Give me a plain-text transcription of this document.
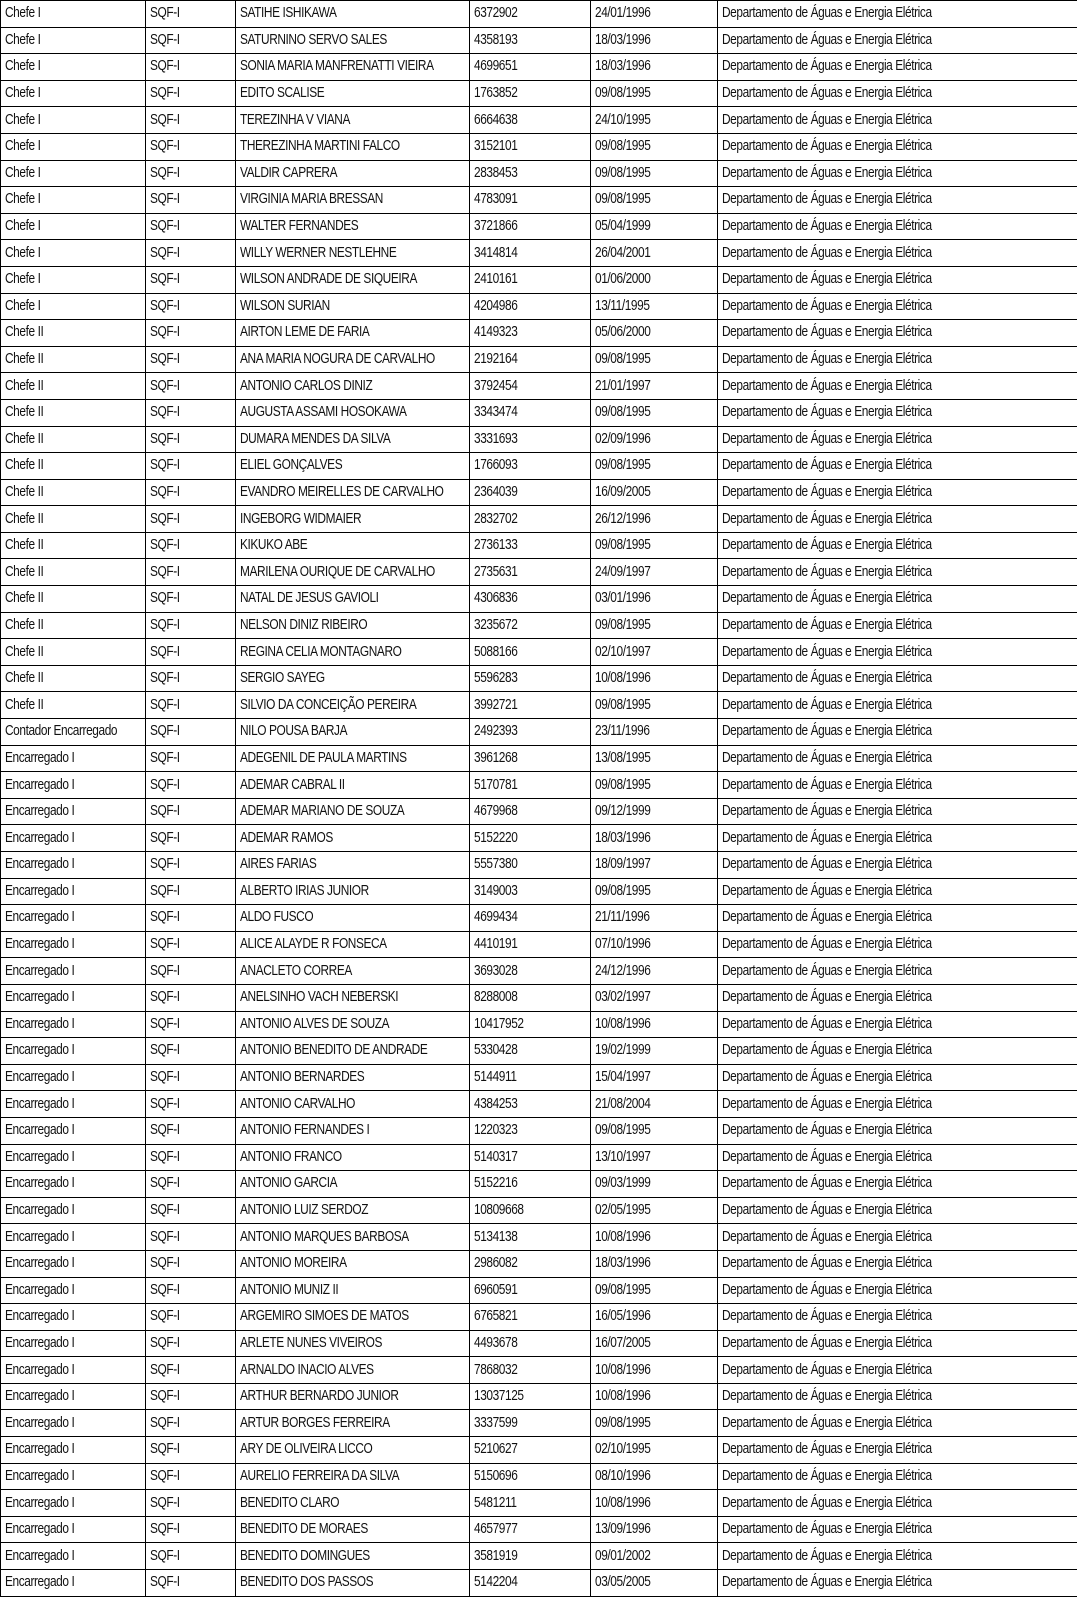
Chefe I	SQF-I	SATIHE ISHIKAWA	6372902	24/01/1996	Departamento de Águas e Energia Elétrica
Chefe I	SQF-I	SATURNINO SERVO SALES	4358193	18/03/1996	Departamento de Águas e Energia Elétrica
Chefe I	SQF-I	SONIA MARIA MANFRENATTI VIEIRA	4699651	18/03/1996	Departamento de Águas e Energia Elétrica
Chefe I	SQF-I	EDITO SCALISE	1763852	09/08/1995	Departamento de Águas e Energia Elétrica
Chefe I	SQF-I	TEREZINHA V VIANA	6664638	24/10/1995	Departamento de Águas e Energia Elétrica
Chefe I	SQF-I	THEREZINHA MARTINI FALCO	3152101	09/08/1995	Departamento de Águas e Energia Elétrica
Chefe I	SQF-I	VALDIR CAPRERA	2838453	09/08/1995	Departamento de Águas e Energia Elétrica
Chefe I	SQF-I	VIRGINIA MARIA BRESSAN	4783091	09/08/1995	Departamento de Águas e Energia Elétrica
Chefe I	SQF-I	WALTER FERNANDES	3721866	05/04/1999	Departamento de Águas e Energia Elétrica
Chefe I	SQF-I	WILLY WERNER NESTLEHNE	3414814	26/04/2001	Departamento de Águas e Energia Elétrica
Chefe I	SQF-I	WILSON ANDRADE DE SIQUEIRA	2410161	01/06/2000	Departamento de Águas e Energia Elétrica
Chefe I	SQF-I	WILSON SURIAN	4204986	13/11/1995	Departamento de Águas e Energia Elétrica
Chefe II	SQF-I	AIRTON LEME DE FARIA	4149323	05/06/2000	Departamento de Águas e Energia Elétrica
Chefe II	SQF-I	ANA MARIA NOGURA DE CARVALHO	2192164	09/08/1995	Departamento de Águas e Energia Elétrica
Chefe II	SQF-I	ANTONIO CARLOS DINIZ	3792454	21/01/1997	Departamento de Águas e Energia Elétrica
Chefe II	SQF-I	AUGUSTA ASSAMI HOSOKAWA	3343474	09/08/1995	Departamento de Águas e Energia Elétrica
Chefe II	SQF-I	DUMARA MENDES DA SILVA	3331693	02/09/1996	Departamento de Águas e Energia Elétrica
Chefe II	SQF-I	ELIEL GONÇALVES	1766093	09/08/1995	Departamento de Águas e Energia Elétrica
Chefe II	SQF-I	EVANDRO MEIRELLES DE CARVALHO	2364039	16/09/2005	Departamento de Águas e Energia Elétrica
Chefe II	SQF-I	INGEBORG WIDMAIER	2832702	26/12/1996	Departamento de Águas e Energia Elétrica
Chefe II	SQF-I	KIKUKO ABE	2736133	09/08/1995	Departamento de Águas e Energia Elétrica
Chefe II	SQF-I	MARILENA OURIQUE DE CARVALHO	2735631	24/09/1997	Departamento de Águas e Energia Elétrica
Chefe II	SQF-I	NATAL DE JESUS GAVIOLI	4306836	03/01/1996	Departamento de Águas e Energia Elétrica
Chefe II	SQF-I	NELSON DINIZ RIBEIRO	3235672	09/08/1995	Departamento de Águas e Energia Elétrica
Chefe II	SQF-I	REGINA CELIA MONTAGNARO	5088166	02/10/1997	Departamento de Águas e Energia Elétrica
Chefe II	SQF-I	SERGIO SAYEG	5596283	10/08/1996	Departamento de Águas e Energia Elétrica
Chefe II	SQF-I	SILVIO DA CONCEIÇÃO PEREIRA	3992721	09/08/1995	Departamento de Águas e Energia Elétrica
Contador Encarregado	SQF-I	NILO POUSA BARJA	2492393	23/11/1996	Departamento de Águas e Energia Elétrica
Encarregado I	SQF-I	ADEGENIL DE PAULA MARTINS	3961268	13/08/1995	Departamento de Águas e Energia Elétrica
Encarregado I	SQF-I	ADEMAR CABRAL II	5170781	09/08/1995	Departamento de Águas e Energia Elétrica
Encarregado I	SQF-I	ADEMAR MARIANO DE SOUZA	4679968	09/12/1999	Departamento de Águas e Energia Elétrica
Encarregado I	SQF-I	ADEMAR RAMOS	5152220	18/03/1996	Departamento de Águas e Energia Elétrica
Encarregado I	SQF-I	AIRES FARIAS	5557380	18/09/1997	Departamento de Águas e Energia Elétrica
Encarregado I	SQF-I	ALBERTO IRIAS JUNIOR	3149003	09/08/1995	Departamento de Águas e Energia Elétrica
Encarregado I	SQF-I	ALDO FUSCO	4699434	21/11/1996	Departamento de Águas e Energia Elétrica
Encarregado I	SQF-I	ALICE ALAYDE R FONSECA	4410191	07/10/1996	Departamento de Águas e Energia Elétrica
Encarregado I	SQF-I	ANACLETO CORREA	3693028	24/12/1996	Departamento de Águas e Energia Elétrica
Encarregado I	SQF-I	ANELSINHO VACH NEBERSKI	8288008	03/02/1997	Departamento de Águas e Energia Elétrica
Encarregado I	SQF-I	ANTONIO ALVES DE SOUZA	10417952	10/08/1996	Departamento de Águas e Energia Elétrica
Encarregado I	SQF-I	ANTONIO BENEDITO DE ANDRADE	5330428	19/02/1999	Departamento de Águas e Energia Elétrica
Encarregado I	SQF-I	ANTONIO BERNARDES	5144911	15/04/1997	Departamento de Águas e Energia Elétrica
Encarregado I	SQF-I	ANTONIO CARVALHO	4384253	21/08/2004	Departamento de Águas e Energia Elétrica
Encarregado I	SQF-I	ANTONIO FERNANDES I	1220323	09/08/1995	Departamento de Águas e Energia Elétrica
Encarregado I	SQF-I	ANTONIO FRANCO	5140317	13/10/1997	Departamento de Águas e Energia Elétrica
Encarregado I	SQF-I	ANTONIO GARCIA	5152216	09/03/1999	Departamento de Águas e Energia Elétrica
Encarregado I	SQF-I	ANTONIO LUIZ SERDOZ	10809668	02/05/1995	Departamento de Águas e Energia Elétrica
Encarregado I	SQF-I	ANTONIO MARQUES BARBOSA	5134138	10/08/1996	Departamento de Águas e Energia Elétrica
Encarregado I	SQF-I	ANTONIO MOREIRA	2986082	18/03/1996	Departamento de Águas e Energia Elétrica
Encarregado I	SQF-I	ANTONIO MUNIZ II	6960591	09/08/1995	Departamento de Águas e Energia Elétrica
Encarregado I	SQF-I	ARGEMIRO SIMOES DE MATOS	6765821	16/05/1996	Departamento de Águas e Energia Elétrica
Encarregado I	SQF-I	ARLETE NUNES VIVEIROS	4493678	16/07/2005	Departamento de Águas e Energia Elétrica
Encarregado I	SQF-I	ARNALDO INACIO ALVES	7868032	10/08/1996	Departamento de Águas e Energia Elétrica
Encarregado I	SQF-I	ARTHUR BERNARDO JUNIOR	13037125	10/08/1996	Departamento de Águas e Energia Elétrica
Encarregado I	SQF-I	ARTUR BORGES FERREIRA	3337599	09/08/1995	Departamento de Águas e Energia Elétrica
Encarregado I	SQF-I	ARY DE OLIVEIRA LICCO	5210627	02/10/1995	Departamento de Águas e Energia Elétrica
Encarregado I	SQF-I	AURELIO FERREIRA DA SILVA	5150696	08/10/1996	Departamento de Águas e Energia Elétrica
Encarregado I	SQF-I	BENEDITO CLARO	5481211	10/08/1996	Departamento de Águas e Energia Elétrica
Encarregado I	SQF-I	BENEDITO DE MORAES	4657977	13/09/1996	Departamento de Águas e Energia Elétrica
Encarregado I	SQF-I	BENEDITO DOMINGUES	3581919	09/01/2002	Departamento de Águas e Energia Elétrica
Encarregado I	SQF-I	BENEDITO DOS PASSOS	5142204	03/05/2005	Departamento de Águas e Energia Elétrica
